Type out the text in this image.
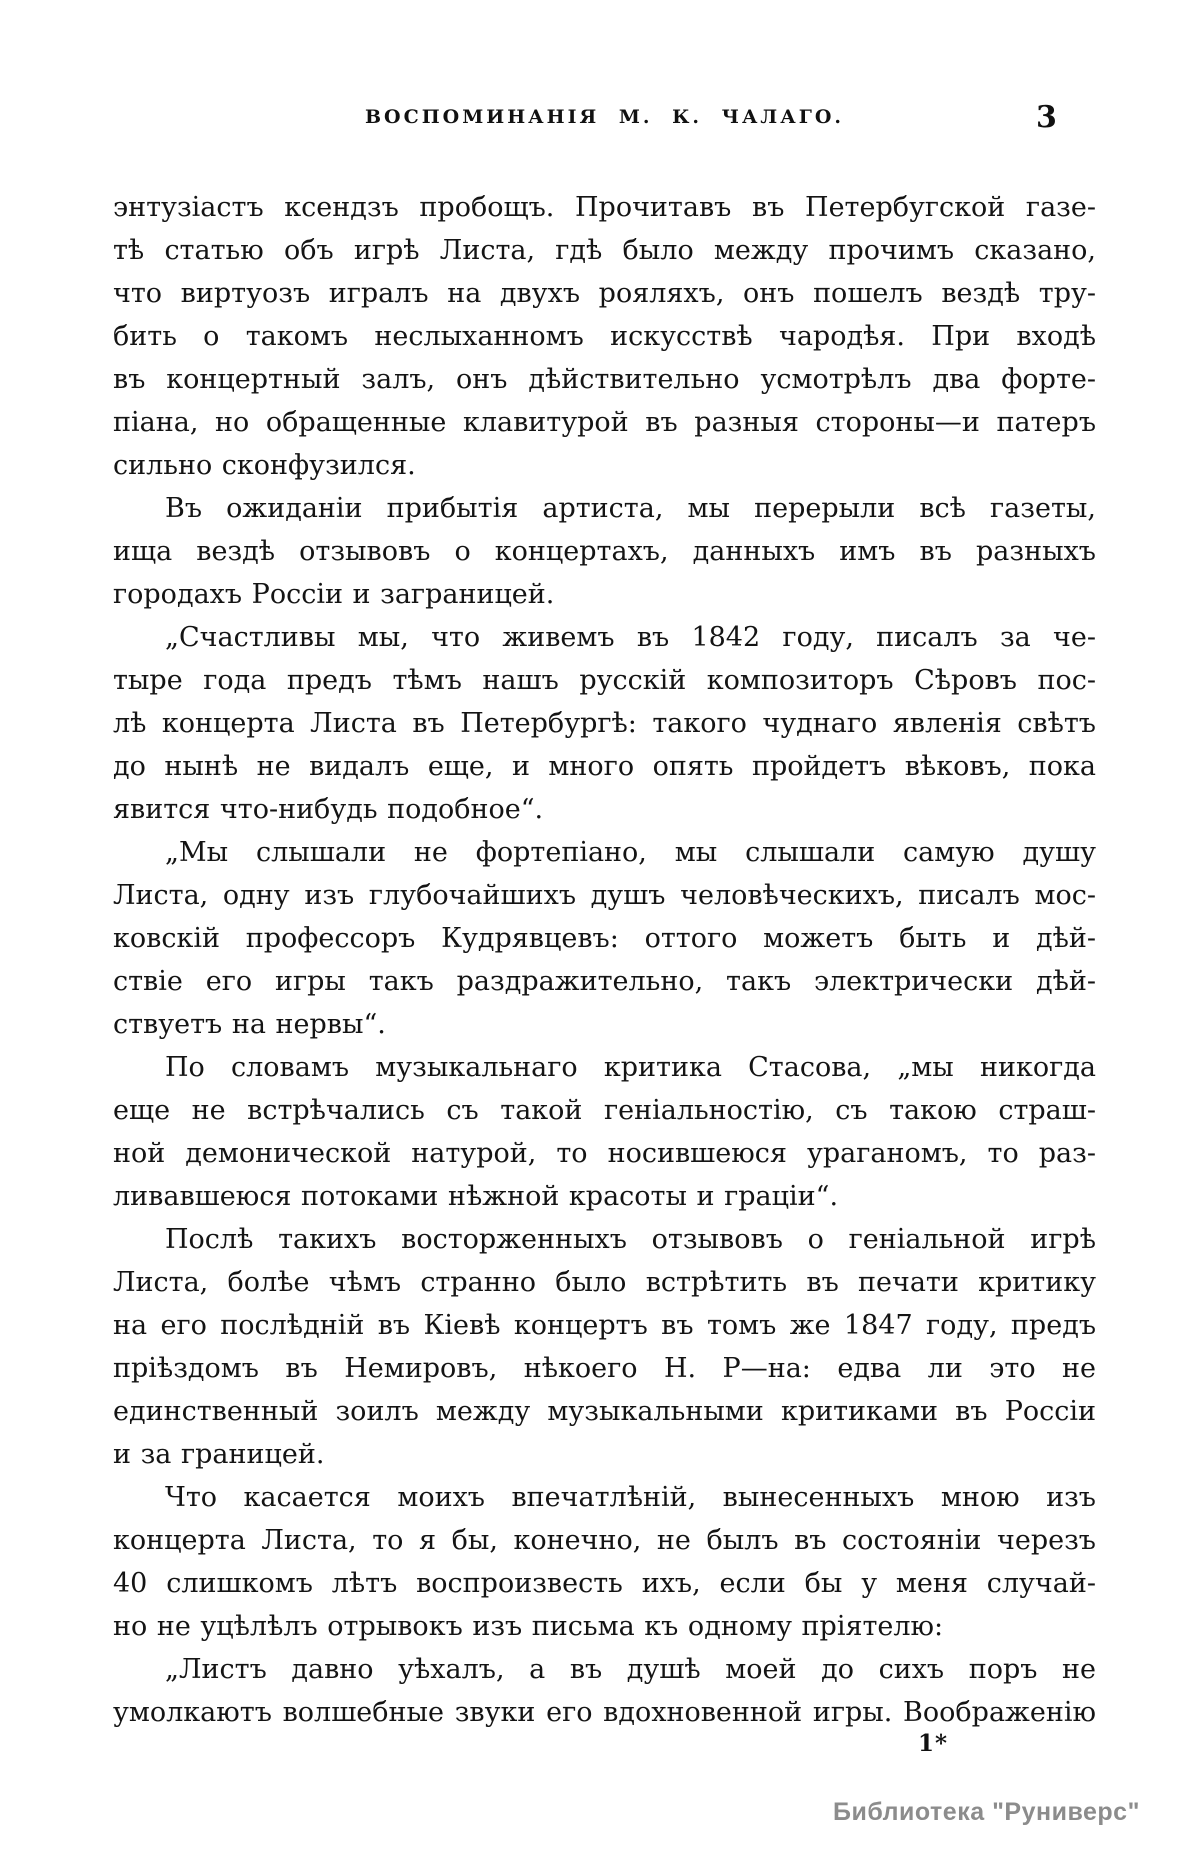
ВОСПОМИНАНІЯ М. К. ЧАЛАГО.	3
энтузіастъ ксендзъ пробощъ. Прочитавъ въ Петербугской газе-
тѣ статью объ игрѣ Листа, гдѣ было между прочимъ сказано,
что виртуозъ игралъ на двухъ рояляхъ, онъ пошелъ вездѣ тру-
бить о такомъ неслыханномъ искусствѣ чародѣя. При входѣ
въ концертный залъ, онъ дѣйствительно усмотрѣлъ два форте-
піана, но обращенные клавитурой въ разныя стороны—и патеръ
сильно сконфузился.
Въ ожиданіи прибытія артиста, мы перерыли всѣ газеты,
ища вездѣ отзывовъ о концертахъ, данныхъ имъ въ разныхъ
городахъ Россіи и заграницей.
„Счастливы мы, что живемъ въ 1842 году, писалъ за че-
тыре года предъ тѣмъ нашъ русскій композиторъ Сѣровъ пос-
лѣ концерта Листа въ Петербургѣ: такого чуднаго явленія свѣтъ
до нынѣ не видалъ еще, и много опять пройдетъ вѣковъ, пока
явится что-нибудь подобное“.
„Мы слышали не фортепіано, мы слышали самую душу
Листа, одну изъ глубочайшихъ душъ человѣческихъ, писалъ мос-
ковскій профессоръ Кудрявцевъ: оттого можетъ быть и дѣй-
ствіе его игры такъ раздражительно, такъ электрически дѣй-
ствуетъ на нервы“.
По словамъ музыкальнаго критика Стасова, „мы никогда
еще не встрѣчались съ такой геніальностію, съ такою страш-
ной демонической натурой, то носившеюся ураганомъ, то раз-
ливавшеюся потоками нѣжной красоты и граціи“.
Послѣ такихъ восторженныхъ отзывовъ о геніальной игрѣ
Листа, болѣе чѣмъ странно было встрѣтить въ печати критику
на его послѣдній въ Кіевѣ концертъ въ томъ же 1847 году, предъ
пріѣздомъ въ Немировъ, нѣкоего Н. Р—на: едва ли это не
единственный зоилъ между музыкальными критиками въ Россіи
и за границей.
Что касается моихъ впечатлѣній, вынесенныхъ мною изъ
концерта Листа, то я бы, конечно, не былъ въ состояніи черезъ
40 слишкомъ лѣтъ воспроизвесть ихъ, если бы у меня случай-
но не уцѣлѣлъ отрывокъ изъ письма къ одному пріятелю:
„Листъ давно уѣхалъ, а въ душѣ моей до сихъ поръ не
умолкаютъ волшебные звуки его вдохновенной игры. Воображенію
1*
Библиотека "Руниверс"
